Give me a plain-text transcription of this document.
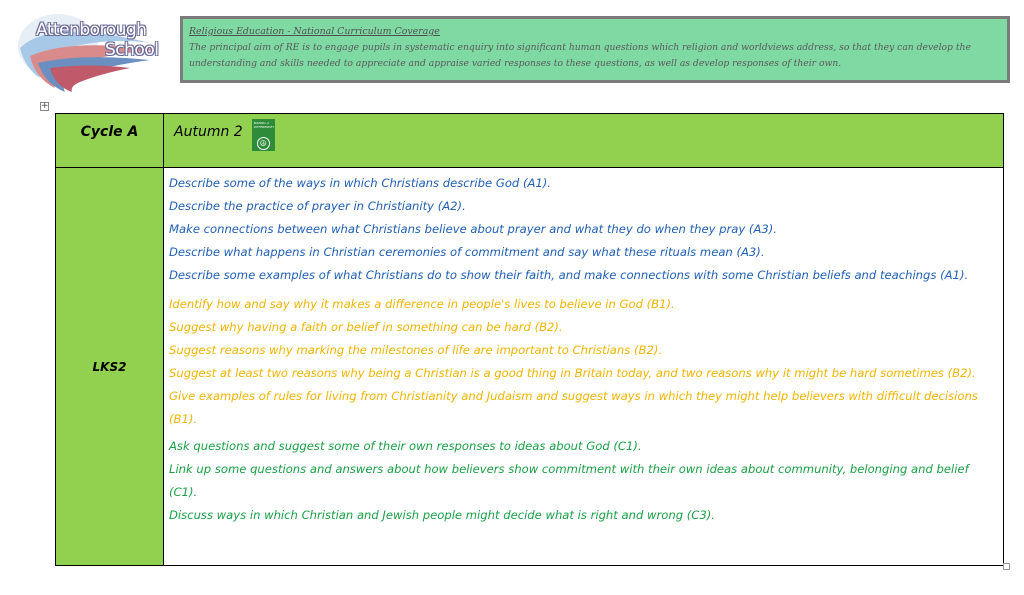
Attenborough
School
Religious Education - National Curriculum Coverage
The principal aim of RE is to engage pupils in systematic enquiry into significant human questions which religion and worldviews address, so that they can develop the understanding and skills needed to appreciate and appraise varied responses to these questions, as well as develop responses of their own.
+
Cycle A	Autumn 2
MAKING A DIFFERENCE?
☮
LKS2
Describe some of the ways in which Christians describe God (A1).
Describe the practice of prayer in Christianity (A2).
Make connections between what Christians believe about prayer and what they do when they pray (A3).
Describe what happens in Christian ceremonies of commitment and say what these rituals mean (A3).
Describe some examples of what Christians do to show their faith, and make connections with some Christian beliefs and teachings (A1).
Identify how and say why it makes a difference in people's lives to believe in God (B1).
Suggest why having a faith or belief in something can be hard (B2).
Suggest reasons why marking the milestones of life are important to Christians (B2).
Suggest at least two reasons why being a Christian is a good thing in Britain today, and two reasons why it might be hard sometimes (B2).
Give examples of rules for living from Christianity and Judaism and suggest ways in which they might help believers with difficult decisions
(B1).
Ask questions and suggest some of their own responses to ideas about God (C1).
Link up some questions and answers about how believers show commitment with their own ideas about community, belonging and belief
(C1).
Discuss ways in which Christian and Jewish people might decide what is right and wrong (C3).
